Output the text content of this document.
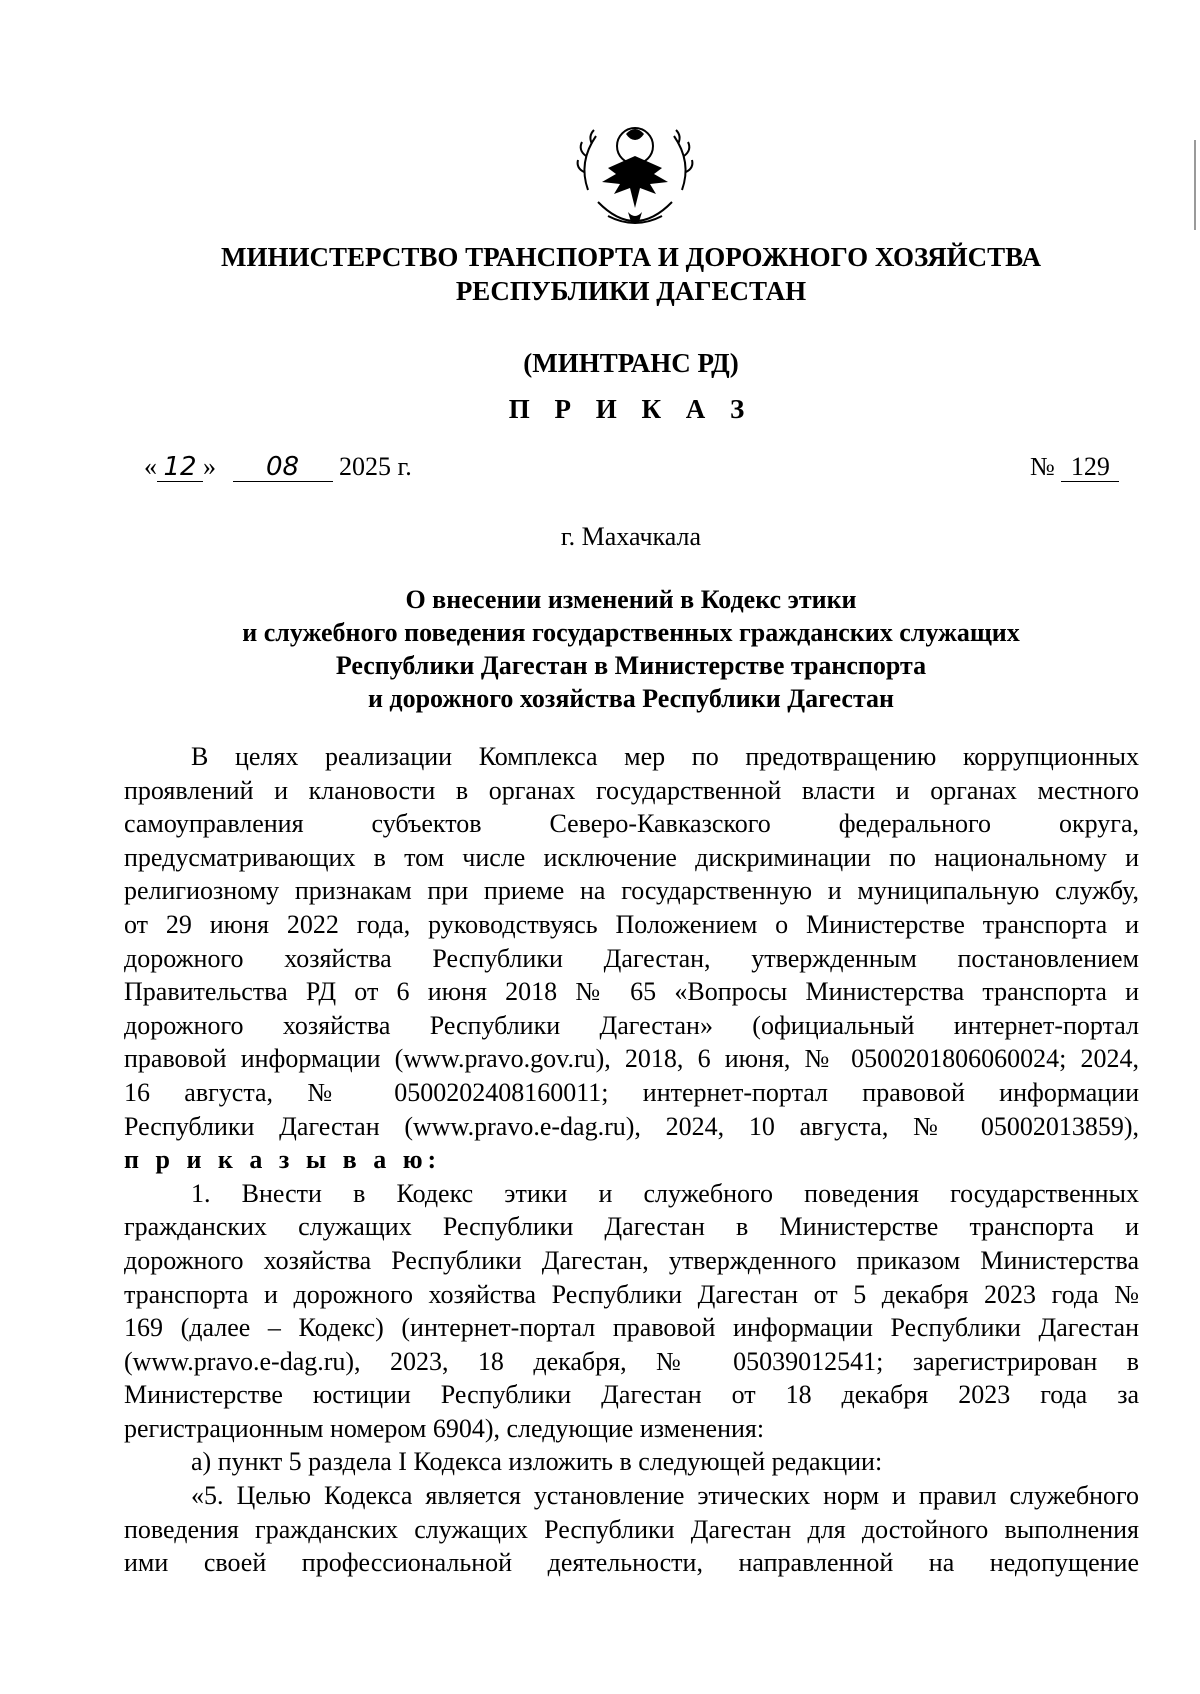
МИНИСТЕРСТВО ТРАНСПОРТА И ДОРОЖНОГО ХОЗЯЙСТВА
РЕСПУБЛИКИ ДАГЕСТАН
(МИНТРАНС РД)
П Р И К А З
« 12 » 08 2025 г.	№ 129
г. Махачкала
О внесении изменений в Кодекс этики
и служебного поведения государственных гражданских служащих
Республики Дагестан в Министерстве транспорта
и дорожного хозяйства Республики Дагестан
В целях реализации Комплекса мер по предотвращению коррупционных
проявлений и клановости в органах государственной власти и органах местного
самоуправления субъектов Северо-Кавказского федерального округа,
предусматривающих в том числе исключение дискриминации по национальному и
религиозному признакам при приеме на государственную и муниципальную службу,
от 29 июня 2022 года, руководствуясь Положением о Министерстве транспорта и
дорожного хозяйства Республики Дагестан, утвержденным постановлением
Правительства РД от 6 июня 2018 № 65 «Вопросы Министерства транспорта и
дорожного хозяйства Республики Дагестан» (официальный интернет-портал
правовой информации (www.pravo.gov.ru), 2018, 6 июня, № 0500201806060024; 2024,
16 августа, № 0500202408160011; интернет-портал правовой информации
Республики Дагестан (www.pravo.e-dag.ru), 2024, 10 августа, № 05002013859),
п р и к а з ы в а ю:
1. Внести в Кодекс этики и служебного поведения государственных
гражданских служащих Республики Дагестан в Министерстве транспорта и
дорожного хозяйства Республики Дагестан, утвержденного приказом Министерства
транспорта и дорожного хозяйства Республики Дагестан от 5 декабря 2023 года №
169 (далее – Кодекс) (интернет-портал правовой информации Республики Дагестан
(www.pravo.e-dag.ru), 2023, 18 декабря, № 05039012541; зарегистрирован в
Министерстве юстиции Республики Дагестан от 18 декабря 2023 года за
регистрационным номером 6904), следующие изменения:
а) пункт 5 раздела I Кодекса изложить в следующей редакции:
«5. Целью Кодекса является установление этических норм и правил служебного
поведения гражданских служащих Республики Дагестан для достойного выполнения
ими своей профессиональной деятельности, направленной на недопущение
